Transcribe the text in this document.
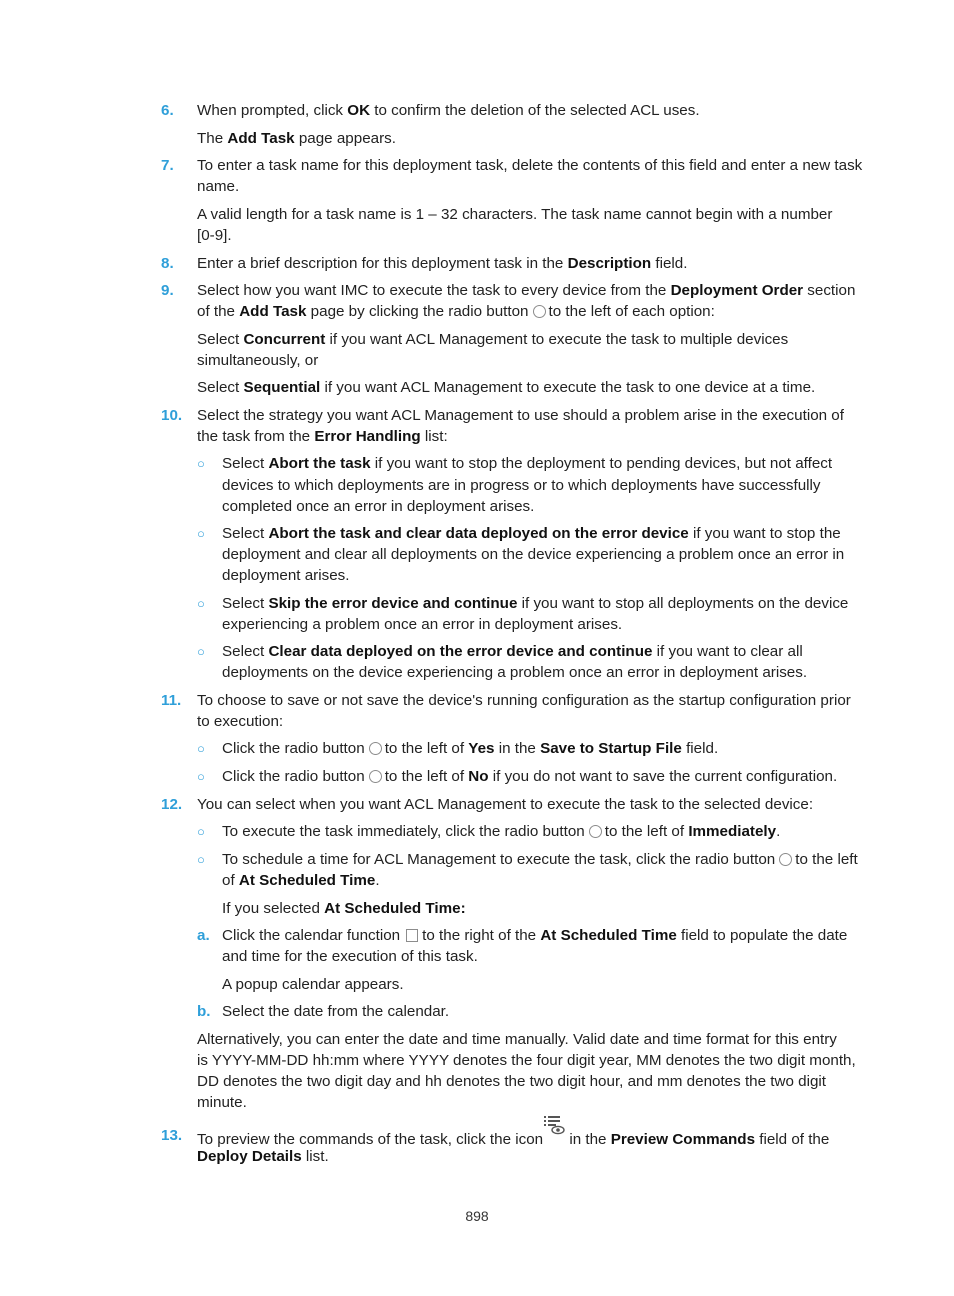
6. When prompted, click OK to confirm the deletion of the selected ACL uses.
The Add Task page appears.
7. To enter a task name for this deployment task, delete the contents of this field and enter a new task
name.
A valid length for a task name is 1 – 32 characters. The task name cannot begin with a number
[0-9].
8. Enter a brief description for this deployment task in the Description field.
9. Select how you want IMC to execute the task to every device from the Deployment Order section
of the Add Task page by clicking the radio button to the left of each option:
Select Concurrent if you want ACL Management to execute the task to multiple devices
simultaneously, or
Select Sequential if you want ACL Management to execute the task to one device at a time.
10. Select the strategy you want ACL Management to use should a problem arise in the execution of
the task from the Error Handling list:
○ Select Abort the task if you want to stop the deployment to pending devices, but not affect
devices to which deployments are in progress or to which deployments have successfully
completed once an error in deployment arises.
○ Select Abort the task and clear data deployed on the error device if you want to stop the
deployment and clear all deployments on the device experiencing a problem once an error in
deployment arises.
○ Select Skip the error device and continue if you want to stop all deployments on the device
experiencing a problem once an error in deployment arises.
○ Select Clear data deployed on the error device and continue if you want to clear all
deployments on the device experiencing a problem once an error in deployment arises.
11. To choose to save or not save the device's running configuration as the startup configuration prior
to execution:
○ Click the radio button to the left of Yes in the Save to Startup File field.
○ Click the radio button to the left of No if you do not want to save the current configuration.
12. You can select when you want ACL Management to execute the task to the selected device:
○ To execute the task immediately, click the radio button to the left of Immediately.
○ To schedule a time for ACL Management to execute the task, click the radio button to the left
of At Scheduled Time.
If you selected At Scheduled Time:
a. Click the calendar function to the right of the At Scheduled Time field to populate the date
and time for the execution of this task.
A popup calendar appears.
b. Select the date from the calendar.
Alternatively, you can enter the date and time manually. Valid date and time format for this entry
is YYYY-MM-DD hh:mm where YYYY denotes the four digit year, MM denotes the two digit month,
DD denotes the two digit day and hh denotes the two digit hour, and mm denotes the two digit
minute.
13. To preview the commands of the task, click the icon
in the Preview Commands field of the
Deploy Details list.
898
